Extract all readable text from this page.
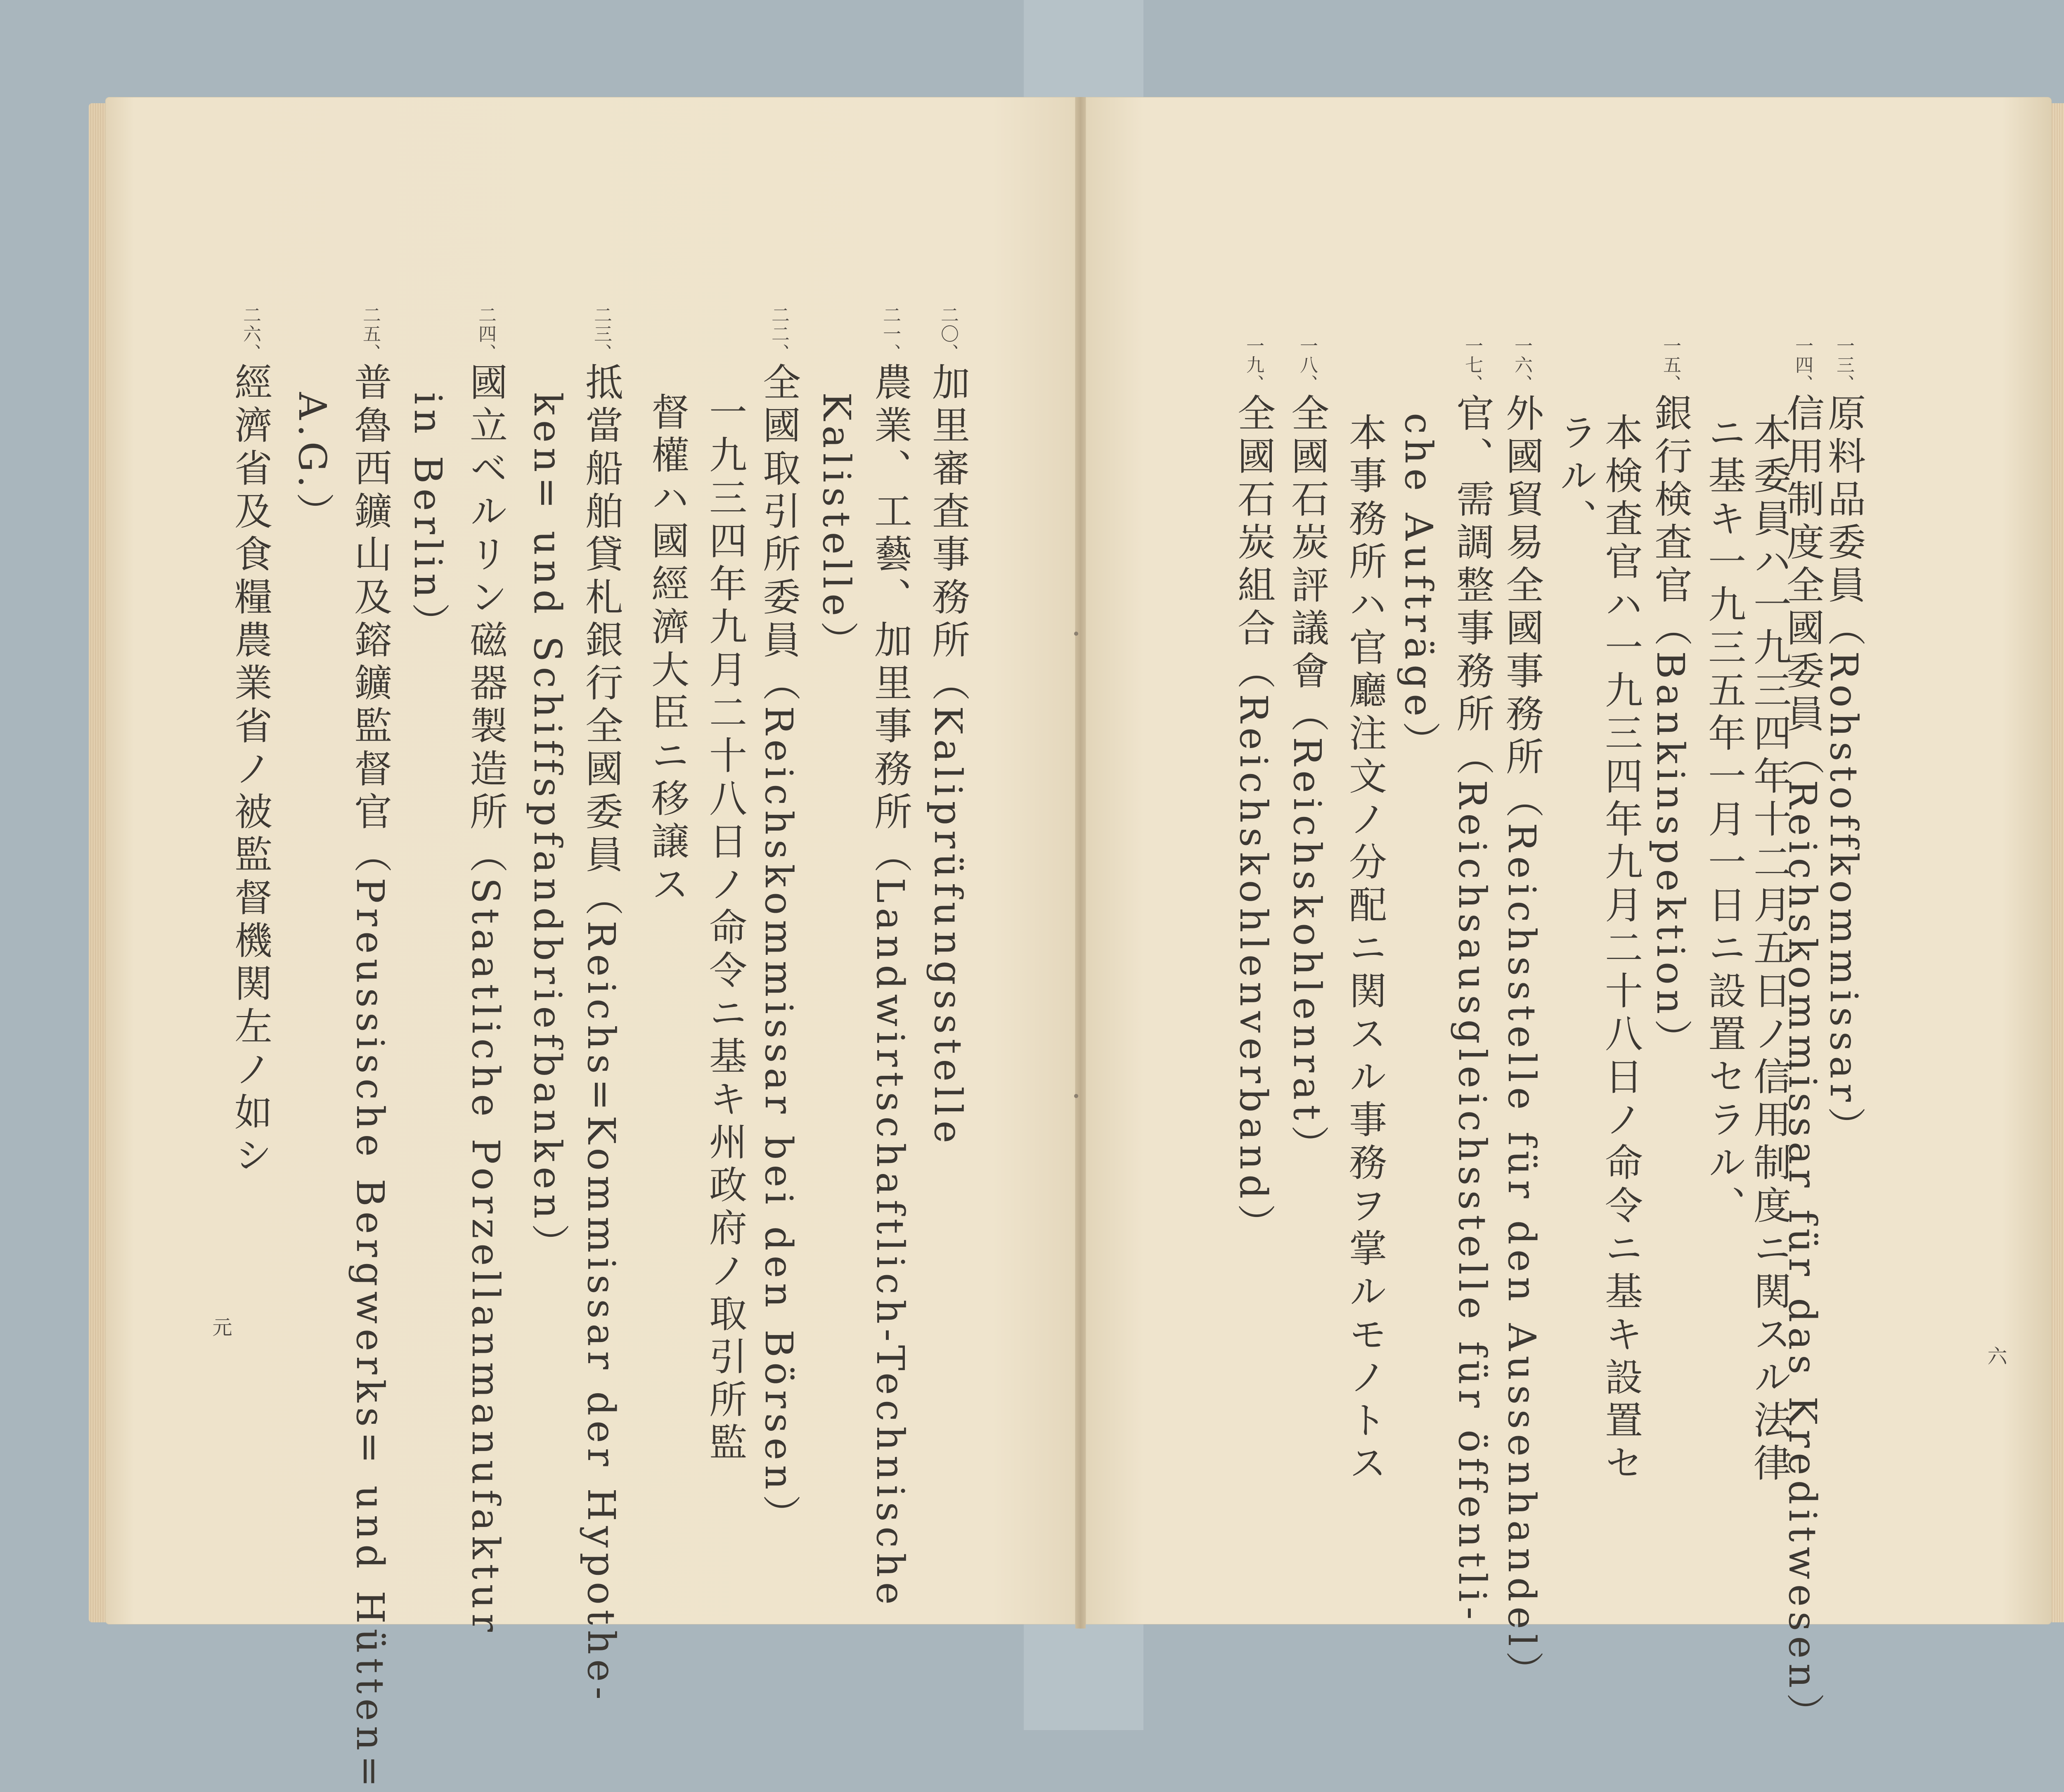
一三、原料品委員（Rohstoffkommissar）
一四、信用制度全國委員（Reichskommissar für das Kreditwesen）
本委員ハ一九三四年十二月五日ノ信用制度ニ関スル法律
ニ基キ一九三五年一月一日ニ設置セラル、
一五、銀行検査官（Bankinspektion）
本検査官ハ一九三四年九月二十八日ノ命令ニ基キ設置セ
ラル、
一六、外國貿易全國事務所（Reichsstelle für den Aussenhandel）
一七、官、需調整事務所（Reichsausgleichsstelle für öffentli-
che Aufträge）
本事務所ハ官廳注文ノ分配ニ関スル事務ヲ掌ルモノトス
一八、全國石炭評議會（Reichskohlenrat）
一九、全國石炭組合（Reichskohlenverband）
六
二〇、加里審査事務所（Kaliprüfungsstelle
二一、農業、工藝、加里事務所（Landwirtschaftlich-Technische
Kalistelle）
二二、全國取引所委員（Reichskommissar bei den Börsen）
一九三四年九月二十八日ノ命令ニ基キ州政府ノ取引所監
督權ハ國經濟大臣ニ移譲ス
二三、抵當船舶貸札銀行全國委員（Reichs=Kommissar der Hypothe-
ken= und Schiffspfandbriefbanken）
二四、國立ベルリン磁器製造所（Staatliche Porzellanmanufaktur
in Berlin）
二五、普魯西鑛山及鎔鑛監督官（Preussische Bergwerks= und Hütten=
A.G.）
二六、經濟省及食糧農業省ノ被監督機関左ノ如シ
元
